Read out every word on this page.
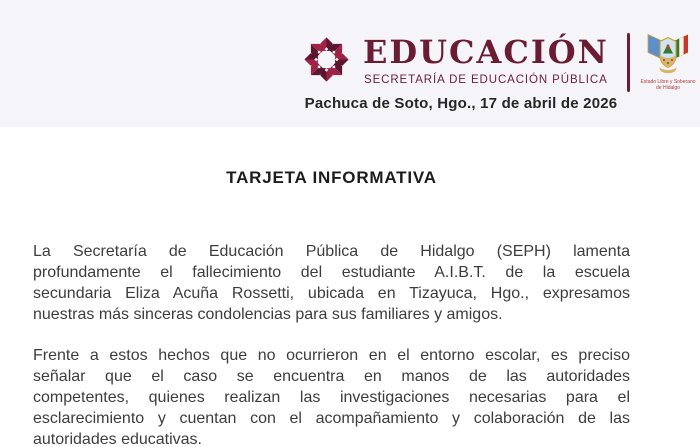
EDUCACIÓN
SECRETARÍA DE EDUCACIÓN PÚBLICA
Pachuca de Soto, Hgo., 17 de abril de 2026
Estado Libre y Soberano
de Hidalgo
TARJETA INFORMATIVA
La Secretaría de Educación Pública de Hidalgo (SEPH) lamenta
profundamente el fallecimiento del estudiante A.I.B.T. de la escuela
secundaria Eliza Acuña Rossetti, ubicada en Tizayuca, Hgo., expresamos
nuestras más sinceras condolencias para sus familiares y amigos.
Frente a estos hechos que no ocurrieron en el entorno escolar, es preciso
señalar que el caso se encuentra en manos de las autoridades
competentes, quienes realizan las investigaciones necesarias para el
esclarecimiento y cuentan con el acompañamiento y colaboración de las
autoridades educativas.
